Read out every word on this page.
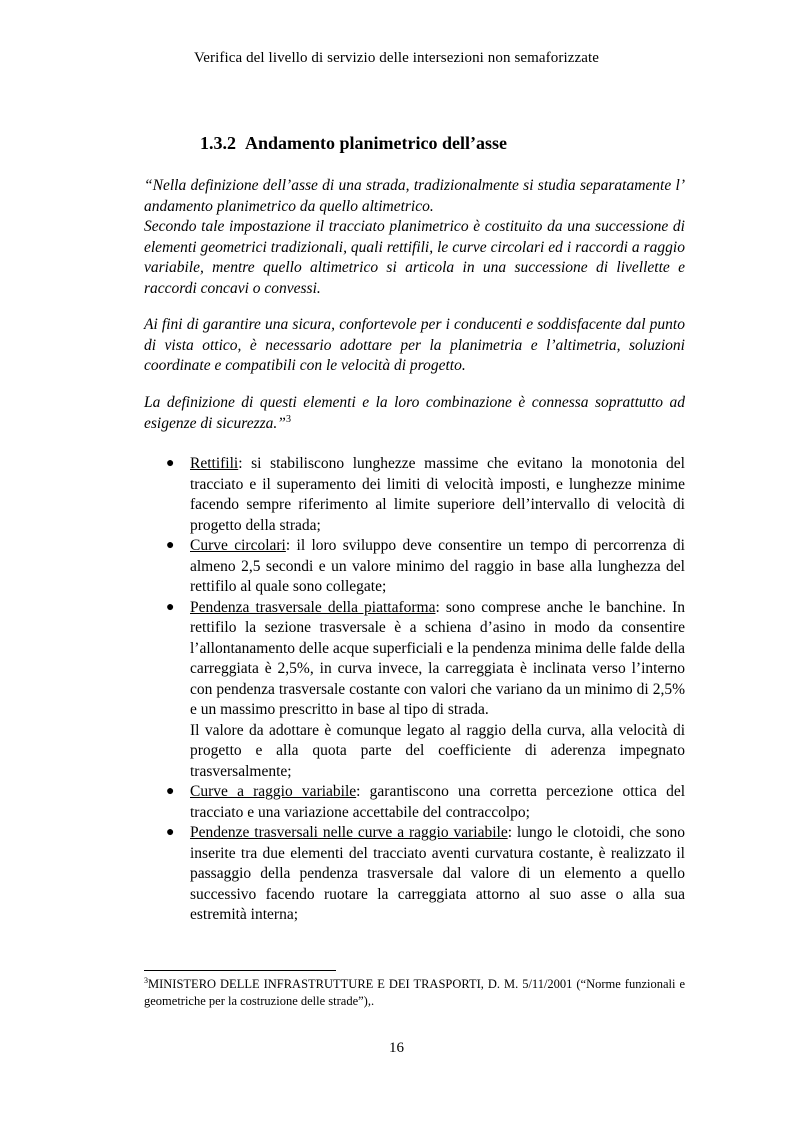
Verifica del livello di servizio delle intersezioni non semaforizzate
1.3.2 Andamento planimetrico dell’asse

“Nella definizione dell’asse di una strada, tradizionalmente si studia separatamente l’ andamento planimetrico da quello altimetrico.
Secondo tale impostazione il tracciato planimetrico è costituito da una successione di elementi geometrici tradizionali, quali rettifili, le curve circolari ed i raccordi a raggio variabile, mentre quello altimetrico si articola in una successione di livellette e raccordi concavi o convessi.

Ai fini di garantire una sicura, confortevole per i conducenti e soddisfacente dal punto di vista ottico, è necessario adottare per la planimetria e l’altimetria, soluzioni coordinate e compatibili con le velocità di progetto.

La definizione di questi elementi e la loro combinazione è connessa soprattutto ad esigenze di sicurezza.”$^3$

● Rettifili: si stabiliscono lunghezze massime che evitano la monotonia del tracciato e il superamento dei limiti di velocità imposti, e lunghezze minime facendo sempre riferimento al limite superiore dell’intervallo di velocità di progetto della strada;
● Curve circolari: il loro sviluppo deve consentire un tempo di percorrenza di almeno 2,5 secondi e un valore minimo del raggio in base alla lunghezza del rettifilo al quale sono collegate;
● Pendenza trasversale della piattaforma: sono comprese anche le banchine. In rettifilo la sezione trasversale è a schiena d’asino in modo da consentire l’allontanamento delle acque superficiali e la pendenza minima delle falde della carreggiata è 2,5%, in curva invece, la carreggiata è inclinata verso l’interno con pendenza trasversale costante con valori che variano da un minimo di 2,5% e un massimo prescritto in base al tipo di strada.
Il valore da adottare è comunque legato al raggio della curva, alla velocità di progetto e alla quota parte del coefficiente di aderenza impegnato trasversalmente;
● Curve a raggio variabile: garantiscono una corretta percezione ottica del tracciato e una variazione accettabile del contraccolpo;
● Pendenze trasversali nelle curve a raggio variabile: lungo le clotoidi, che sono inserite tra due elementi del tracciato aventi curvatura costante, è realizzato il passaggio della pendenza trasversale dal valore di un elemento a quello successivo facendo ruotare la carreggiata attorno al suo asse o alla sua estremità interna;

$^3$MINISTERO DELLE INFRASTRUTTURE E DEI TRASPORTI, D. M. 5/11/2001 (“Norme funzionali e geometriche per la costruzione delle strade”),.

16
